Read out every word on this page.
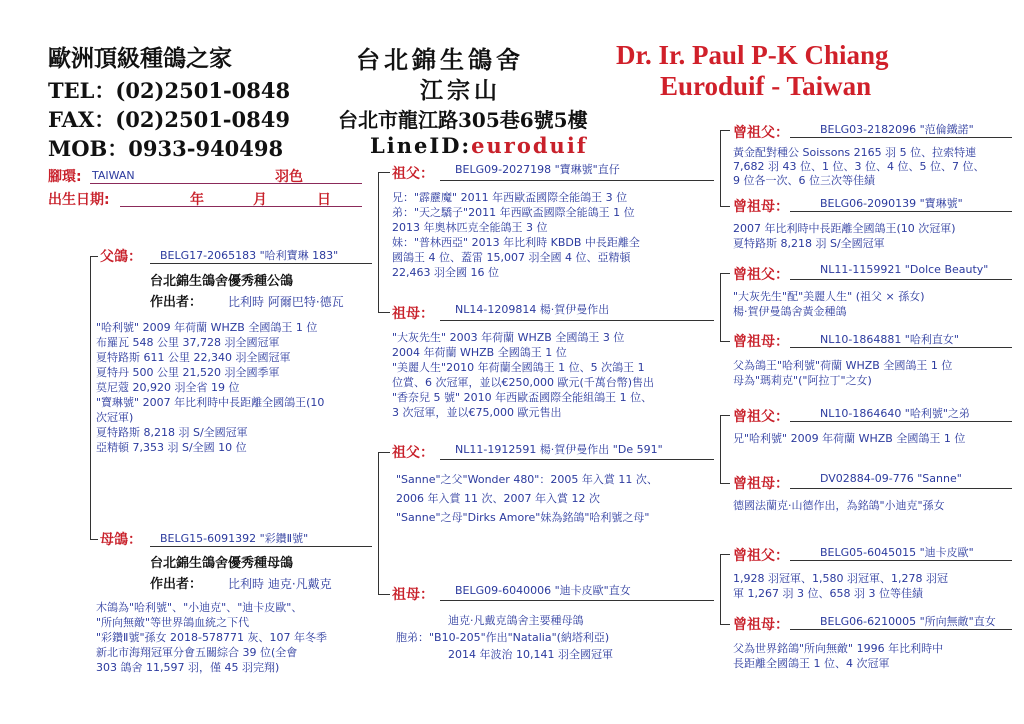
歐洲頂級種鴿之家
TEL：(02)2501-0848
FAX：(02)2501-0849
MOB：0933-940498
台北錦生鴿舍
江宗山
台北市龍江路305巷6號5樓
LineID:euroduif
Dr. Ir. Paul P-K Chiang
Euroduif - Taiwan
腳環: TAIWAN	羽色
出生日期:	年	月	日
父鴿： BELG17-2065183 "哈利寶琳 183"
台北錦生鴿舍優秀種公鴿
作出者： 比利時 阿爾巴特·德瓦
"哈利號" 2009 年荷蘭 WHZB 全國鴿王 1 位
布羅瓦 548 公里 37,728 羽全國冠軍
夏特路斯 611 公里 22,340 羽全國冠軍
夏特丹 500 公里 21,520 羽全國季軍
莫尼蔻 20,920 羽全省 19 位
"寶琳號" 2007 年比利時中長距離全國鴿王(10
次冠軍)
夏特路斯 8,218 羽 S/全國冠軍
亞精頓 7,353 羽 S/全國 10 位
母鴿： BELG15-6091392 "彩鑽Ⅱ號"
台北錦生鴿舍優秀種母鴿
作出者： 比利時 迪克·凡戴克
木鴿為"哈利號"、"小迪克"、"迪卡皮歐"、
"所向無敵"等世界鴿血統之下代
"彩鑽Ⅱ號"孫女 2018-578771 灰、107 年冬季
新北市海翔冠軍分會五關綜合 39 位(全會
303 鴿舍 11,597 羽，僅 45 羽完翔)
祖父： BELG09-2027198 "寶琳號"直仔
兄："霹靂魔" 2011 年西歐盃國際全能鴿王 3 位
弟："天之驕子"2011 年西歐盃國際全能鴿王 1 位
2013 年奧林匹克全能鴿王 3 位
妹："普林西亞" 2013 年比利時 KBDB 中長距離全
國鴿王 4 位、蓋雷 15,007 羽全國 4 位、亞精頓
22,463 羽全國 16 位
祖母： NL14-1209814 楊·賀伊曼作出
"大灰先生" 2003 年荷蘭 WHZB 全國鴿王 3 位
2004 年荷蘭 WHZB 全國鴿王 1 位
"美麗人生"2010 年荷蘭全國鴿王 1 位、5 次鴿王 1
位賞、6 次冠軍，並以€250,000 歐元(千萬台幣)售出
"香奈兒 5 號" 2010 年西歐盃國際全能組鴿王 1 位、
3 次冠軍，並以€75,000 歐元售出
祖父： NL11-1912591 楊·賀伊曼作出 "De 591"
"Sanne"之父"Wonder 480"：2005 年入賞 11 次、
2006 年入賞 11 次、2007 年入賞 12 次
"Sanne"之母"Dirks Amore"妹為銘鴿"哈利號之母"
祖母： BELG09-6040006 "迪卡皮歐"直女
迪克·凡戴克鴿舍主要種母鴿
胞弟："B10-205"作出"Natalia"(納塔利亞)
2014 年波治 10,141 羽全國冠軍
曾祖父：	BELG03-2182096 "范倫鐵諾"
黃金配對種公 Soissons 2165 羽 5 位、拉索特連
7,682 羽 43 位、1 位、3 位、4 位、5 位、7 位、
9 位各一次、6 位三次等佳績
曾祖母：	BELG06-2090139 "寶琳號"
2007 年比利時中長距離全國鴿王(10 次冠軍)
夏特路斯 8,218 羽 S/全國冠軍
曾祖父：	NL11-1159921 "Dolce Beauty"
"大灰先生"配"美麗人生" (祖父 × 孫女)
楊·賀伊曼鴿舍黃金種鴿
曾祖母：	NL10-1864881 "哈利直女"
父為鴿王"哈利號"荷蘭 WHZB 全國鴿王 1 位
母為"瑪莉克"("阿拉丁"之女)
曾祖父：	NL10-1864640 "哈利號"之弟
兄"哈利號" 2009 年荷蘭 WHZB 全國鴿王 1 位
曾祖母：	DV02884-09-776 "Sanne"
德國法蘭克·山德作出，為銘鴿"小迪克"孫女
曾祖父：	BELG05-6045015 "迪卡皮歐"
1,928 羽冠軍、1,580 羽冠軍、1,278 羽冠
軍 1,267 羽 3 位、658 羽 3 位等佳績
曾祖母：	BELG06-6210005 "所向無敵"直女
父為世界銘鴿"所向無敵" 1996 年比利時中
長距離全國鴿王 1 位、4 次冠軍
